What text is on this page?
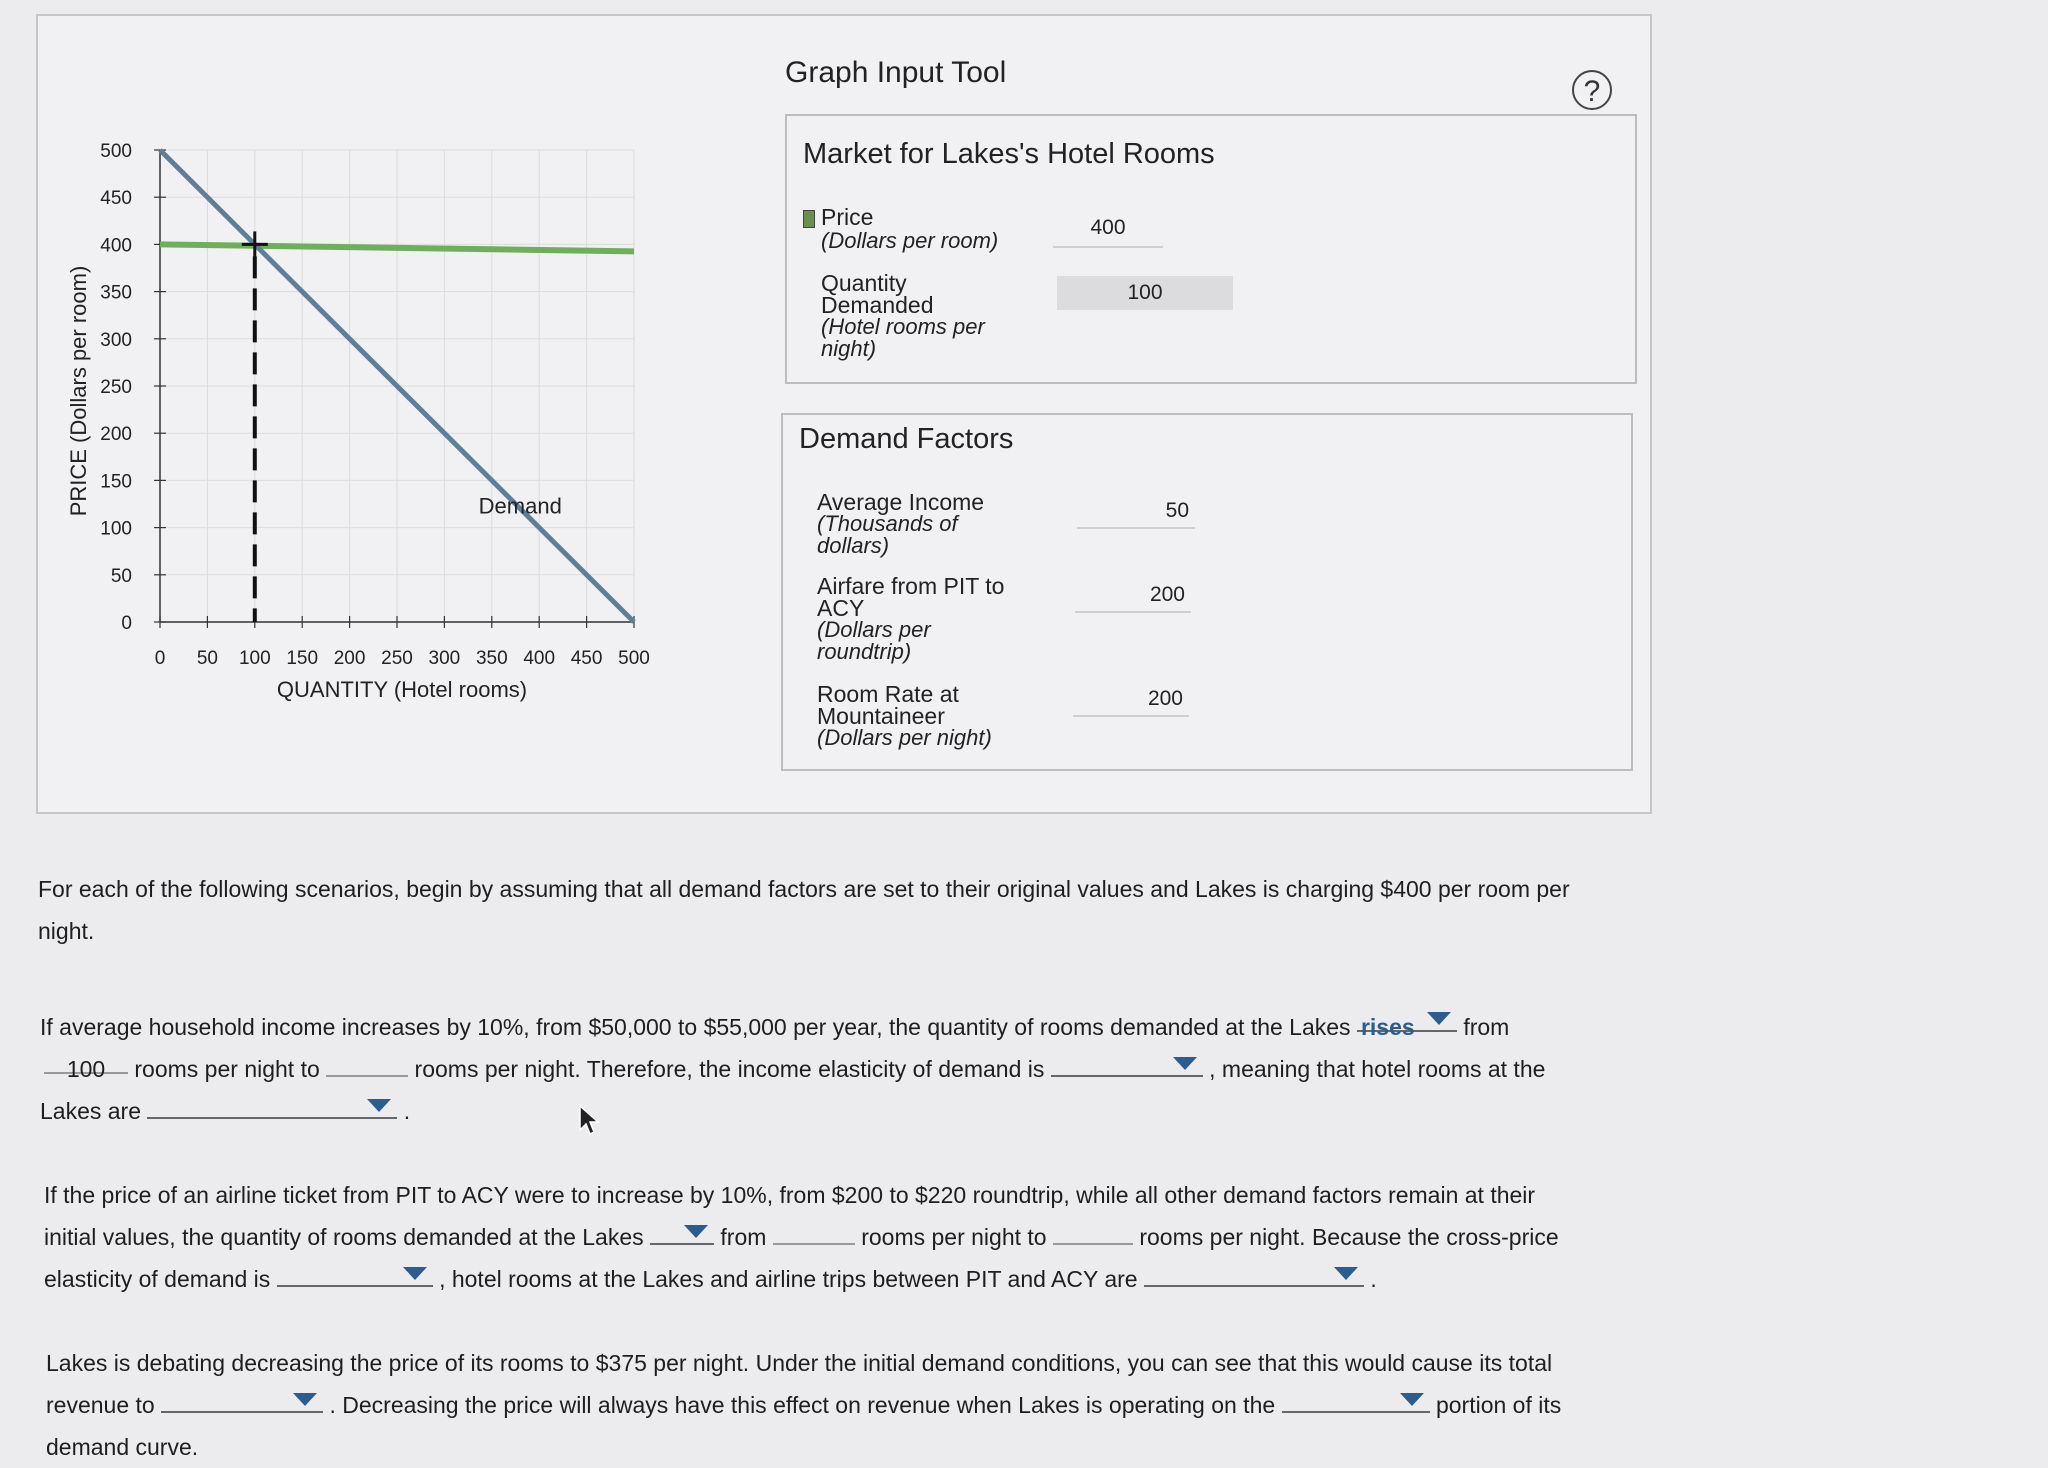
0
50
100
150
200
250
300
350
400
450
500
0 50 100 150 200 250 300 350 400 450 500
QUANTITY (Hotel rooms)
PRICE (Dollars per room)	Demand
Graph Input Tool
?
Market for Lakes's Hotel Rooms
Price
(Dollars per room)
400
Quantity
Demanded
(Hotel rooms per
night)
100
Demand Factors
Average Income
(Thousands of
dollars)
50
Airfare from PIT to
ACY
(Dollars per
roundtrip)
200
Room Rate at
Mountaineer
(Dollars per night)
200
For each of the following scenarios, begin by assuming that all demand factors are set to their original values and Lakes is charging $400 per room per
night.
If average household income increases by 10%, from $50,000 to $55,000 per year, the quantity of rooms demanded at the Lakes rises from
100 rooms per night to	rooms per night. Therefore, the income elasticity of demand is	, meaning that hotel rooms at the
Lakes are	.
If the price of an airline ticket from PIT to ACY were to increase by 10%, from $200 to $220 roundtrip, while all other demand factors remain at their
initial values, the quantity of rooms demanded at the Lakes	from	rooms per night to	rooms per night. Because the cross-price
elasticity of demand is	, hotel rooms at the Lakes and airline trips between PIT and ACY are	.
Lakes is debating decreasing the price of its rooms to $375 per night. Under the initial demand conditions, you can see that this would cause its total
revenue to	. Decreasing the price will always have this effect on revenue when Lakes is operating on the	portion of its
demand curve.
